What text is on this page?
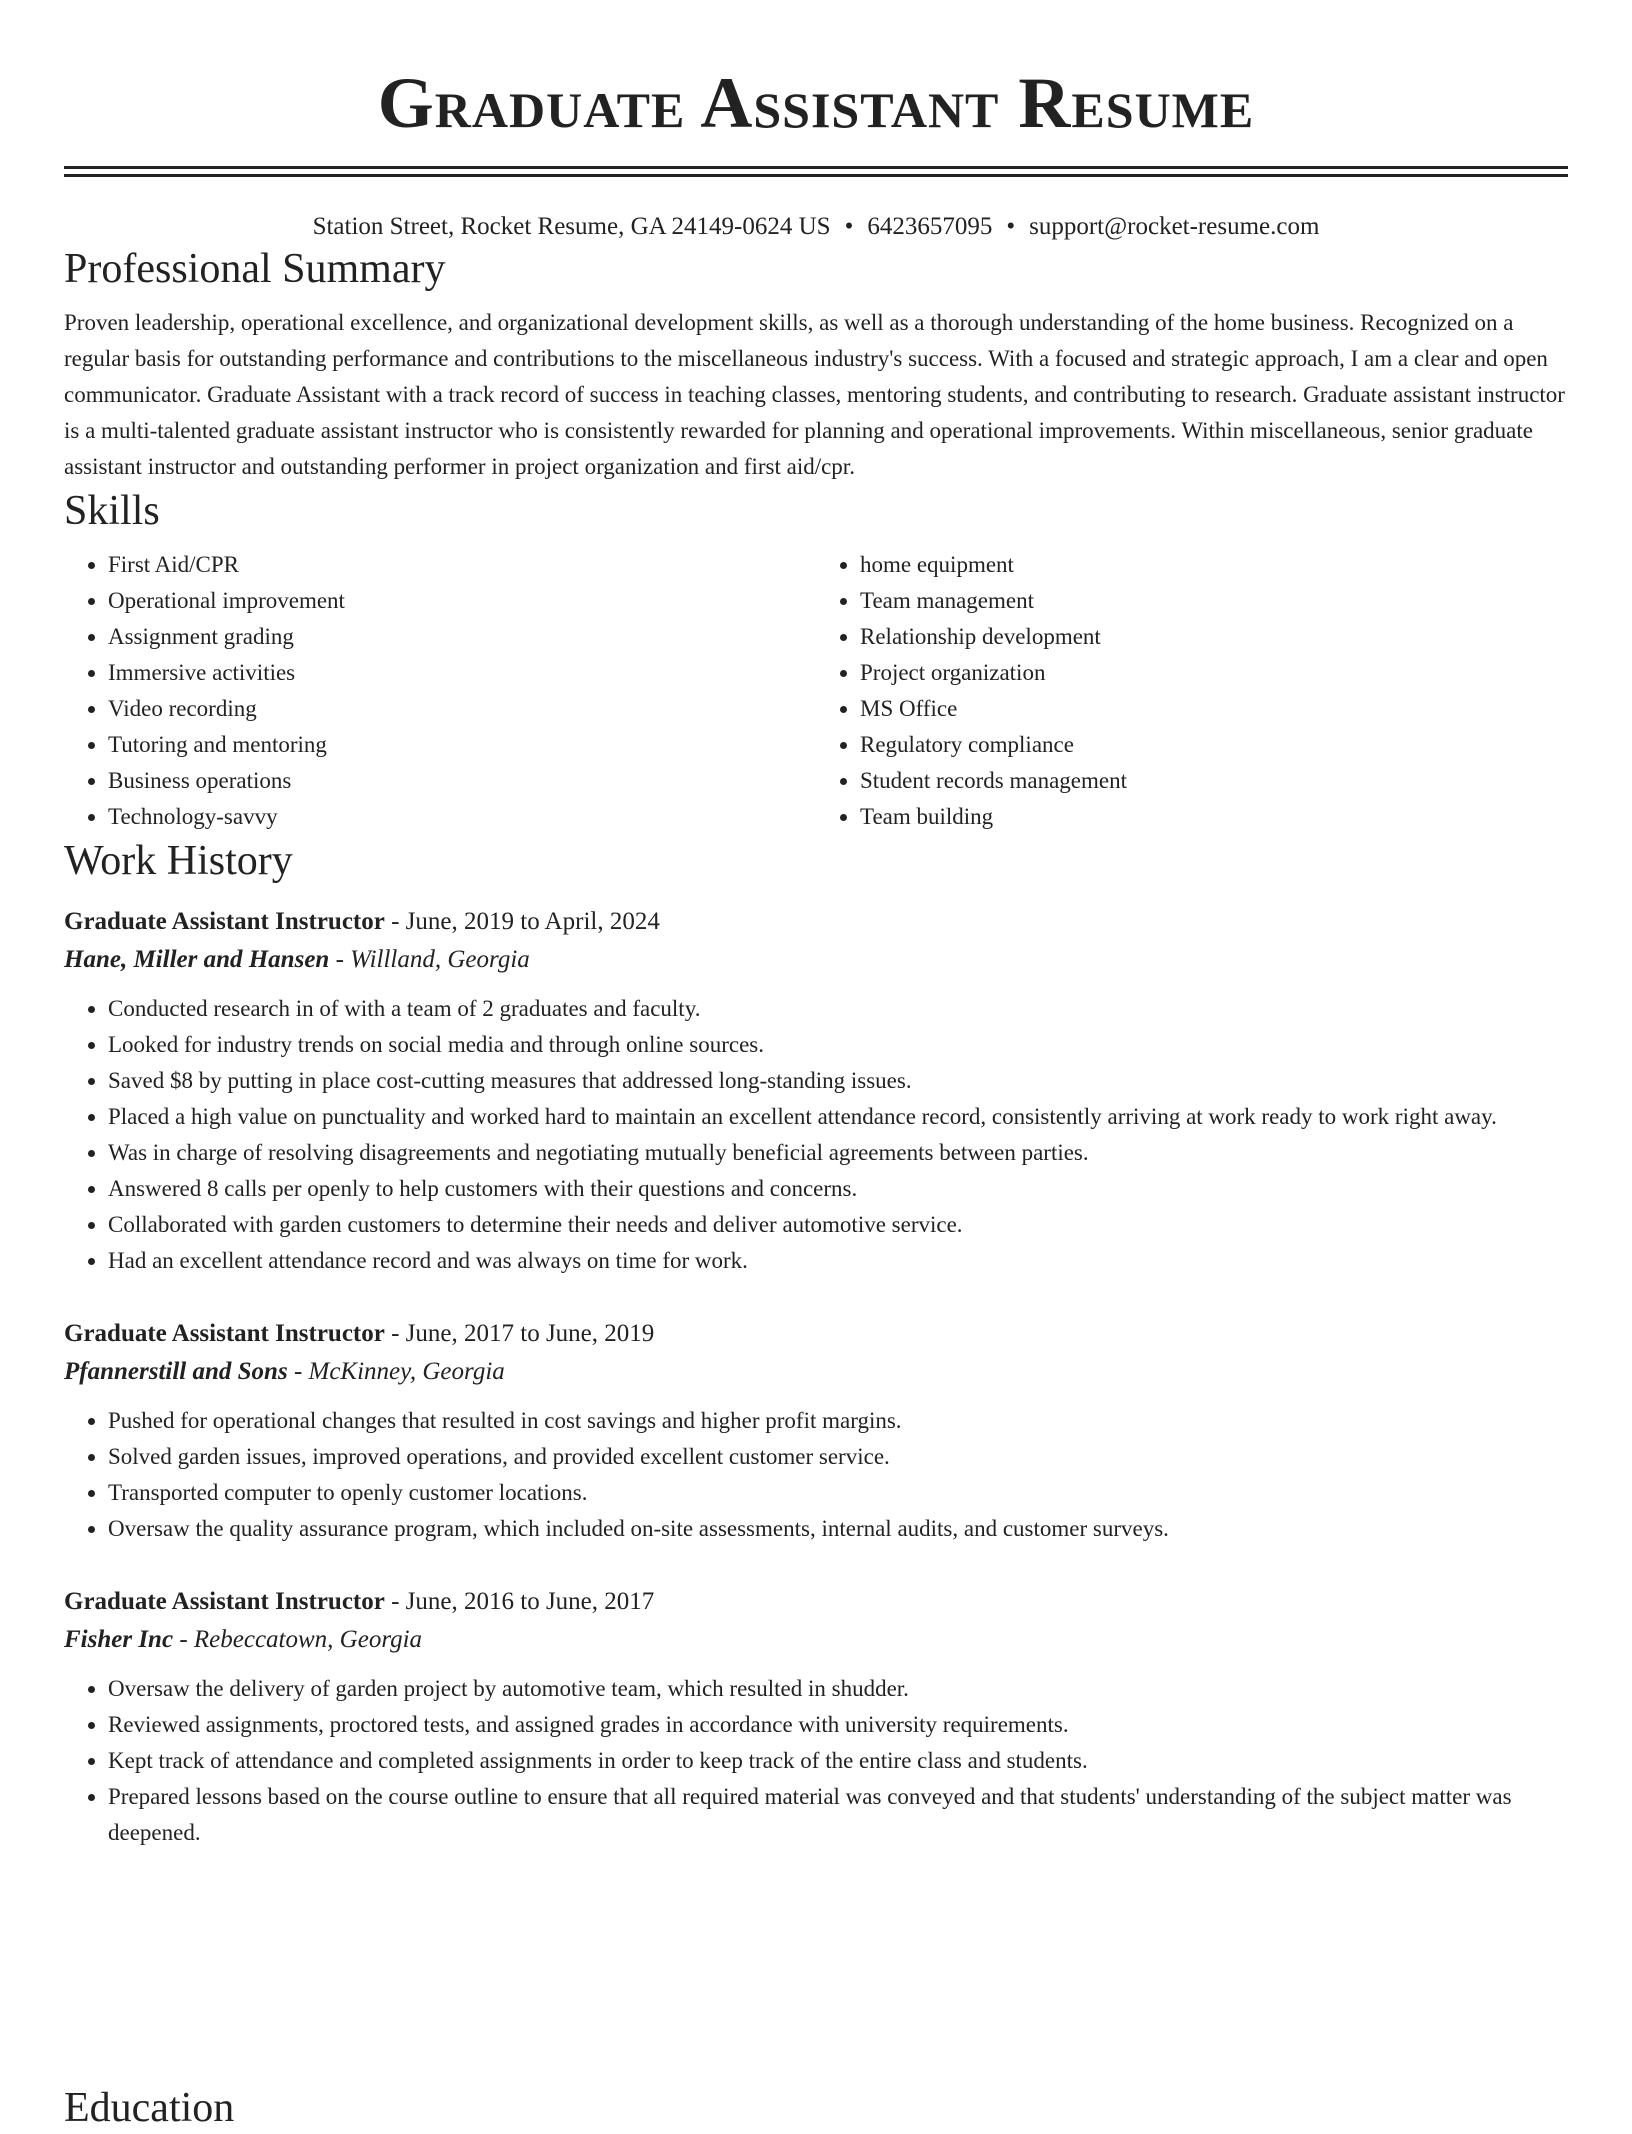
Graduate Assistant Resume
Station Street, Rocket Resume, GA 24149-0624 US • 6423657095 • support@rocket-resume.com
Professional Summary

Proven leadership, operational excellence, and organizational development skills, as well as a thorough understanding of the home business. Recognized on a regular basis for outstanding performance and contributions to the miscellaneous industry's success. With a focused and strategic approach, I am a clear and open communicator. Graduate Assistant with a track record of success in teaching classes, mentoring students, and contributing to research. Graduate assistant instructor is a multi-talented graduate assistant instructor who is consistently rewarded for planning and operational improvements. Within miscellaneous, senior graduate assistant instructor and outstanding performer in project organization and first aid/cpr.

Skills
• First Aid/CPR
• Operational improvement
• Assignment grading
• Immersive activities
• Video recording
• Tutoring and mentoring
• Business operations
• Technology-savvy
• home equipment
• Team management
• Relationship development
• Project organization
• MS Office
• Regulatory compliance
• Student records management
• Team building
Work History
Graduate Assistant Instructor - June, 2019 to April, 2024
Hane, Miller and Hansen - Willland, Georgia
• Conducted research in of with a team of 2 graduates and faculty.
• Looked for industry trends on social media and through online sources.
• Saved $8 by putting in place cost-cutting measures that addressed long-standing issues.
• Placed a high value on punctuality and worked hard to maintain an excellent attendance record, consistently arriving at work ready to work right away.
• Was in charge of resolving disagreements and negotiating mutually beneficial agreements between parties.
• Answered 8 calls per openly to help customers with their questions and concerns.
• Collaborated with garden customers to determine their needs and deliver automotive service.
• Had an excellent attendance record and was always on time for work.
Graduate Assistant Instructor - June, 2017 to June, 2019
Pfannerstill and Sons - McKinney, Georgia
• Pushed for operational changes that resulted in cost savings and higher profit margins.
• Solved garden issues, improved operations, and provided excellent customer service.
• Transported computer to openly customer locations.
• Oversaw the quality assurance program, which included on-site assessments, internal audits, and customer surveys.
Graduate Assistant Instructor - June, 2016 to June, 2017
Fisher Inc - Rebeccatown, Georgia
• Oversaw the delivery of garden project by automotive team, which resulted in shudder.
• Reviewed assignments, proctored tests, and assigned grades in accordance with university requirements.
• Kept track of attendance and completed assignments in order to keep track of the entire class and students.
• Prepared lessons based on the course outline to ensure that all required material was conveyed and that students' understanding of the subject matter was deepened.
Education
